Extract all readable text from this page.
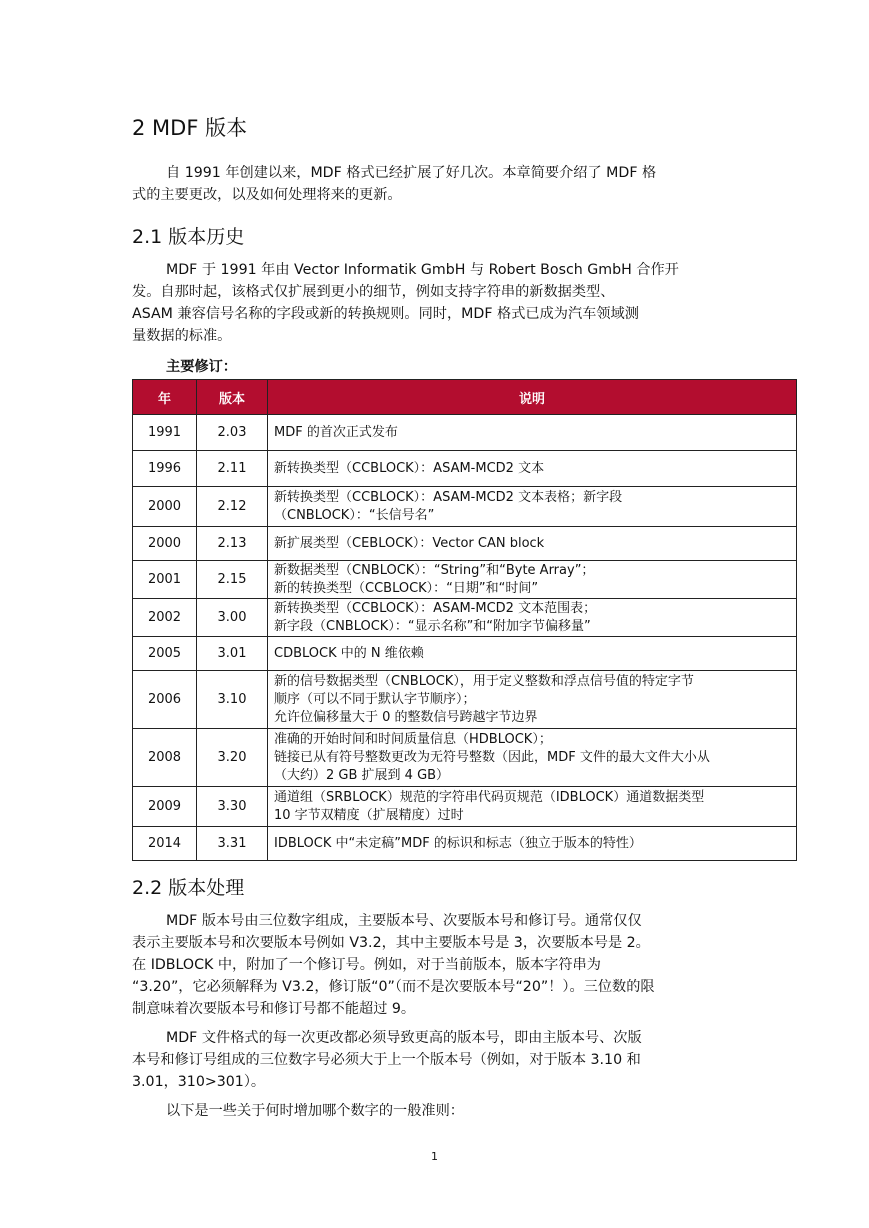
2 MDF 版本

自 1991 年创建以来，MDF 格式已经扩展了好几次。本章简要介绍了 MDF 格
式的主要更改，以及如何处理将来的更新。

2.1 版本历史

MDF 于 1991 年由 Vector Informatik GmbH 与 Robert Bosch GmbH 合作开
发。自那时起，该格式仅扩展到更小的细节，例如支持字符串的新数据类型、
ASAM 兼容信号名称的字段或新的转换规则。同时，MDF 格式已成为汽车领域测
量数据的标准。

主要修订：

年	版本	说明
1991	2.03	MDF 的首次正式发布

1996	2.11	新转换类型（CCBLOCK）：ASAM-MCD2 文本

2000	2.12	新转换类型（CCBLOCK）：ASAM-MCD2 文本表格；新字段
（CNBLOCK）：“长信号名”

2000	2.13	新扩展类型（CEBLOCK）：Vector CAN block

2001	2.15	新数据类型（CNBLOCK）：“String”和“Byte Array”；
新的转换类型（CCBLOCK）：“日期”和“时间”

2002	3.00	新转换类型（CCBLOCK）：ASAM-MCD2 文本范围表；
新字段（CNBLOCK）：“显示名称”和“附加字节偏移量”

2005	3.01	CDBLOCK 中的 N 维依赖

2006	3.10	新的信号数据类型（CNBLOCK），用于定义整数和浮点信号值的特定字节
顺序（可以不同于默认字节顺序）；
允许位偏移量大于 0 的整数信号跨越字节边界

2008	3.20	准确的开始时间和时间质量信息（HDBLOCK）；
链接已从有符号整数更改为无符号整数（因此，MDF 文件的最大文件大小从
（大约）2 GB 扩展到 4 GB）

2009	3.30	通道组（SRBLOCK）规范的字符串代码页规范（IDBLOCK）通道数据类型
10 字节双精度（扩展精度）过时

2014	3.31	IDBLOCK 中“未定稿”MDF 的标识和标志（独立于版本的特性）
2.2 版本处理

MDF 版本号由三位数字组成，主要版本号、次要版本号和修订号。通常仅仅
表示主要版本号和次要版本号例如 V3.2，其中主要版本号是 3，次要版本号是 2。
在 IDBLOCK 中，附加了一个修订号。例如，对于当前版本，版本字符串为
“3.20”，它必须解释为 V3.2，修订版“0”（而不是次要版本号“20”！）。三位数的限
制意味着次要版本号和修订号都不能超过 9。

MDF 文件格式的每一次更改都必须导致更高的版本号，即由主版本号、次版
本号和修订号组成的三位数字号必须大于上一个版本号（例如，对于版本 3.10 和
3.01，310>301）。

以下是一些关于何时增加哪个数字的一般准则：

1
